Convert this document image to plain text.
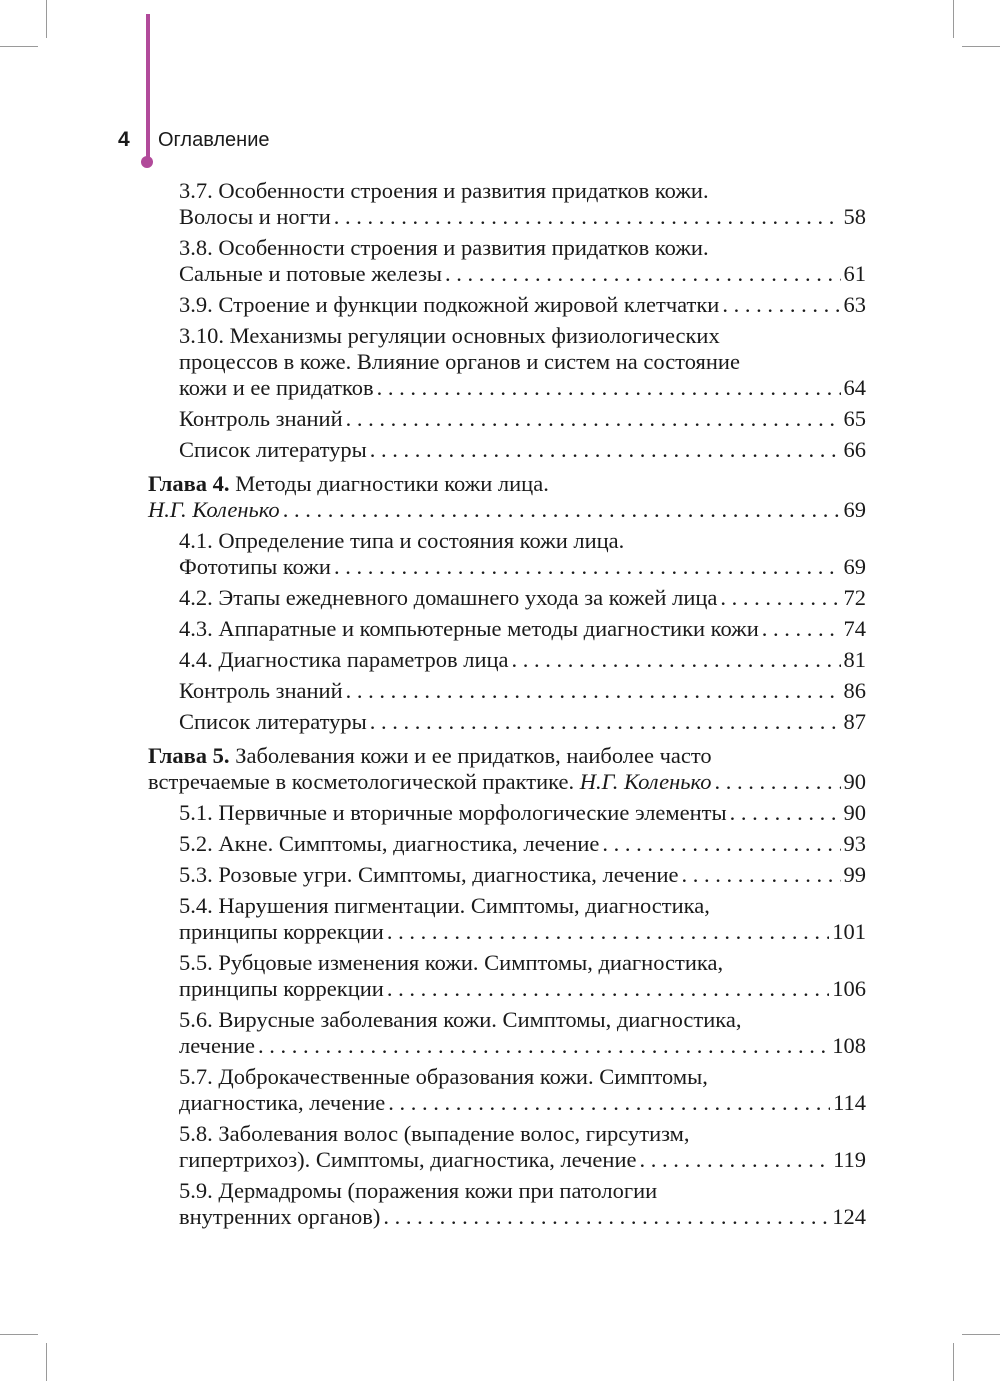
4 Оглавление
3.7. Особенности строения и развития придатков кожи.
Волосы и ногти . . .	58
3.8. Особенности строения и развития придатков кожи.
Сальные и потовые железы . . .	61
3.9. Строение и функции подкожной жировой клетчатки . . .	63
3.10. Механизмы регуляции основных физиологических
процессов в коже. Влияние органов и систем на состояние
кожи и ее придатков . . .	64
Контроль знаний . . .	65
Список литературы . . .	66
Глава 4. Методы диагностики кожи лица.
Н.Г. Коленько . . .	69
4.1. Определение типа и состояния кожи лица.
Фототипы кожи . . .	69
4.2. Этапы ежедневного домашнего ухода за кожей лица . . .	72
4.3. Аппаратные и компьютерные методы диагностики кожи . . .	74
4.4. Диагностика параметров лица . . .	81
Контроль знаний . . .	86
Список литературы . . .	87
Глава 5. Заболевания кожи и ее придатков, наиболее часто
встречаемые в косметологической практике. Н.Г. Коленько . . .	90
5.1. Первичные и вторичные морфологические элементы . . .	90
5.2. Акне. Симптомы, диагностика, лечение . . .	93
5.3. Розовые угри. Симптомы, диагностика, лечение . . .	99
5.4. Нарушения пигментации. Симптомы, диагностика,
принципы коррекции . . .	101
5.5. Рубцовые изменения кожи. Симптомы, диагностика,
принципы коррекции . . .	106
5.6. Вирусные заболевания кожи. Симптомы, диагностика,
лечение . . .	108
5.7. Доброкачественные образования кожи. Симптомы,
диагностика, лечение . . .	114
5.8. Заболевания волос (выпадение волос, гирсутизм,
гипертрихоз). Симптомы, диагностика, лечение . . .	119
5.9. Дермадромы (поражения кожи при патологии
внутренних органов) . . .	124
